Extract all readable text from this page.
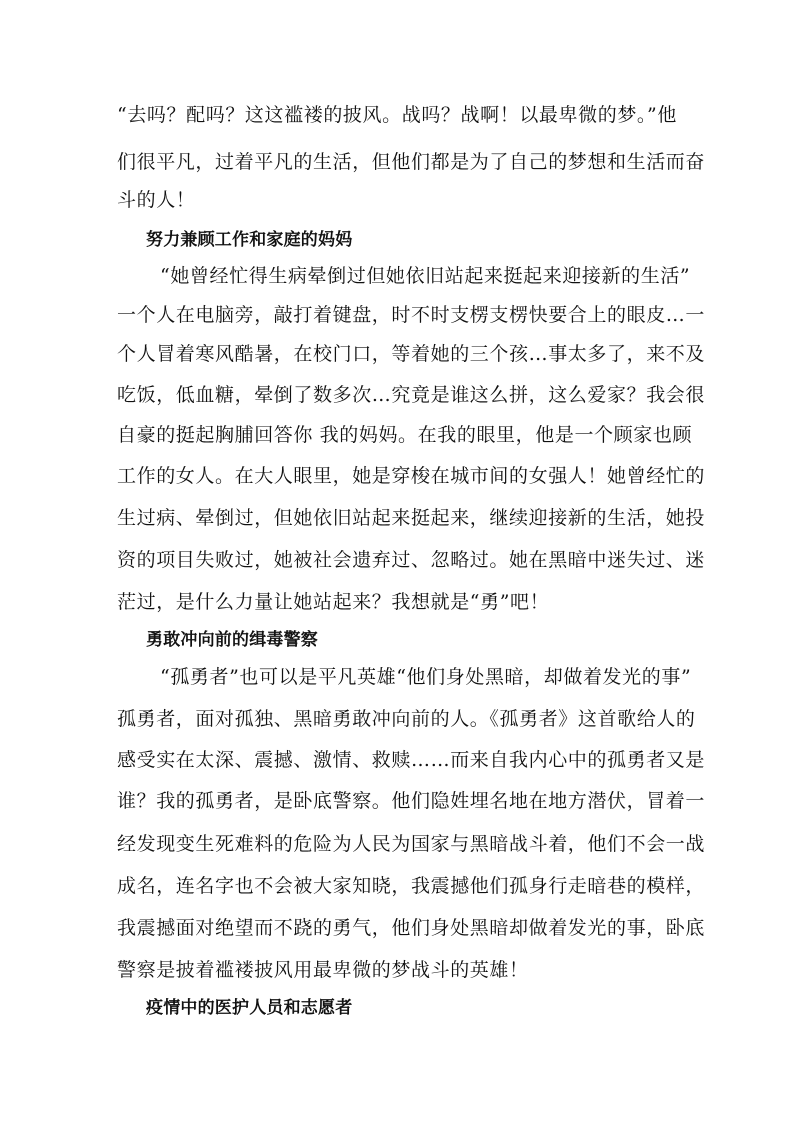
“去吗？配吗？这这褴褛的披风。战吗？战啊！以最卑微的梦。”他
们很平凡，过着平凡的生活，但他们都是为了自己的梦想和生活而奋
斗的人！
努力兼顾工作和家庭的妈妈
“她曾经忙得生病晕倒过但她依旧站起来挺起来迎接新的生活”
一个人在电脑旁，敲打着键盘，时不时支楞支楞快要合上的眼皮…一
个人冒着寒风酷暑，在校门口，等着她的三个孩…事太多了，来不及
吃饭，低血糖，晕倒了数多次…究竟是谁这么拼，这么爱家？我会很
自豪的挺起胸脯回答你 我的妈妈。在我的眼里，他是一个顾家也顾
工作的女人。在大人眼里，她是穿梭在城市间的女强人！她曾经忙的
生过病、晕倒过，但她依旧站起来挺起来，继续迎接新的生活，她投
资的项目失败过，她被社会遗弃过、忽略过。她在黑暗中迷失过、迷
茫过，是什么力量让她站起来？我想就是“勇”吧！
勇敢冲向前的缉毒警察
“孤勇者”也可以是平凡英雄“他们身处黑暗，却做着发光的事”
孤勇者，面对孤独、黑暗勇敢冲向前的人。《孤勇者》这首歌给人的
感受实在太深、震撼、激情、救赎……而来自我内心中的孤勇者又是
谁？我的孤勇者，是卧底警察。他们隐姓埋名地在地方潜伏，冒着一
经发现变生死难料的危险为人民为国家与黑暗战斗着，他们不会一战
成名，连名字也不会被大家知晓，我震撼他们孤身行走暗巷的模样，
我震撼面对绝望而不跷的勇气，他们身处黑暗却做着发光的事，卧底
警察是披着褴褛披风用最卑微的梦战斗的英雄！
疫情中的医护人员和志愿者
